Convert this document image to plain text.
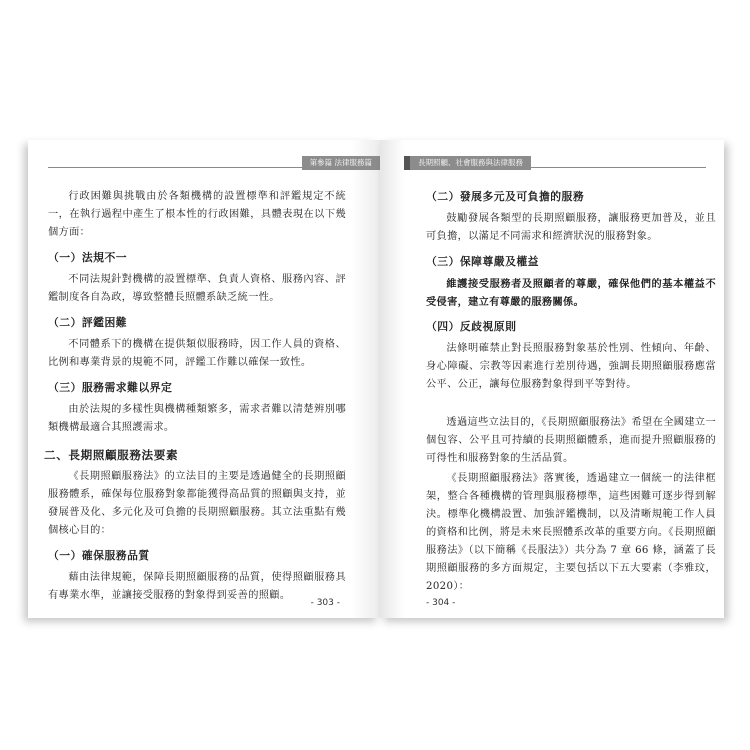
第參篇 法律服務篇

行政困難與挑戰由於各類機構的設置標準和評鑑規定不統一，在執行過程中產生了根本性的行政困難，具體表現在以下幾個方面：

（一）法規不一

不同法規針對機構的設置標準、負責人資格、服務內容、評鑑制度各自為政，導致整體長照體系缺乏統一性。

（二）評鑑困難

不同體系下的機構在提供類似服務時，因工作人員的資格、比例和專業背景的規範不同，評鑑工作難以確保一致性。

（三）服務需求難以界定

由於法規的多樣性與機構種類繁多，需求者難以清楚辨別哪類機構最適合其照護需求。

二、長期照顧服務法要素

《長期照顧服務法》的立法目的主要是透過健全的長期照顧服務體系，確保每位服務對象都能獲得高品質的照顧與支持，並發展普及化、多元化及可負擔的長期照顧服務。其立法重點有幾個核心目的：

（一）確保服務品質

藉由法律規範，保障長期照顧服務的品質，使得照顧服務具有專業水準，並讓接受服務的對象得到妥善的照顧。

- 303 -
長期照顧、社會服務與法律服務

（二）發展多元及可負擔的服務

鼓勵發展各類型的長期照顧服務，讓服務更加普及，並且可負擔，以滿足不同需求和經濟狀況的服務對象。

（三）保障尊嚴及權益

維護接受服務者及照顧者的尊嚴，確保他們的基本權益不受侵害，建立有尊嚴的服務關係。

（四）反歧視原則

法條明確禁止對長照服務對象基於性別、性傾向、年齡、身心障礙、宗教等因素進行差別待遇，強調長期照顧服務應當公平、公正，讓每位服務對象得到平等對待。

透過這些立法目的，《長期照顧服務法》希望在全國建立一個包容、公平且可持續的長期照顧體系，進而提升照顧服務的可得性和服務對象的生活品質。

《長期照顧服務法》落實後，透過建立一個統一的法律框架，整合各種機構的管理與服務標準，這些困難可逐步得到解決。標準化機構設置、加強評鑑機制，以及清晰規範工作人員的資格和比例，將是未來長照體系改革的重要方向。《長期照顧服務法》（以下簡稱《長服法》）共分為 7 章 66 條，涵蓋了長期照顧服務的多方面規定，主要包括以下五大要素（李雅玟，2020）：

- 304 -
